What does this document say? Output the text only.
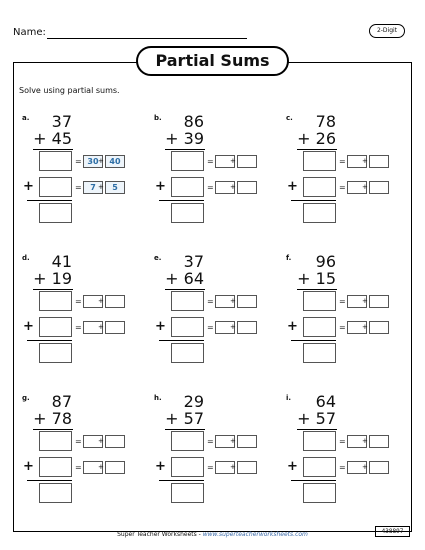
Name:	2-Digit
Partial Sums
Solve using partial sums.
a.	37
+ 45
+
=
=
30 + 40
7 +	5
b.	86
+ 39
+
=
=
+
+
c.	78
+ 26
+
=
=
+
+
d.	41
+ 19
+
=
=
+
+
e.	37
+ 64
+
=
=
+
+
f.	96
+ 15
+
=
=
+
+
g.	87
+ 78
+
=
=
+
+
h.	29
+ 57
+
=
=
+
+
i.	64
+ 57
+
=
=
+
+
Super Teacher Worksheets - www.superteacherworksheets.com	438897
